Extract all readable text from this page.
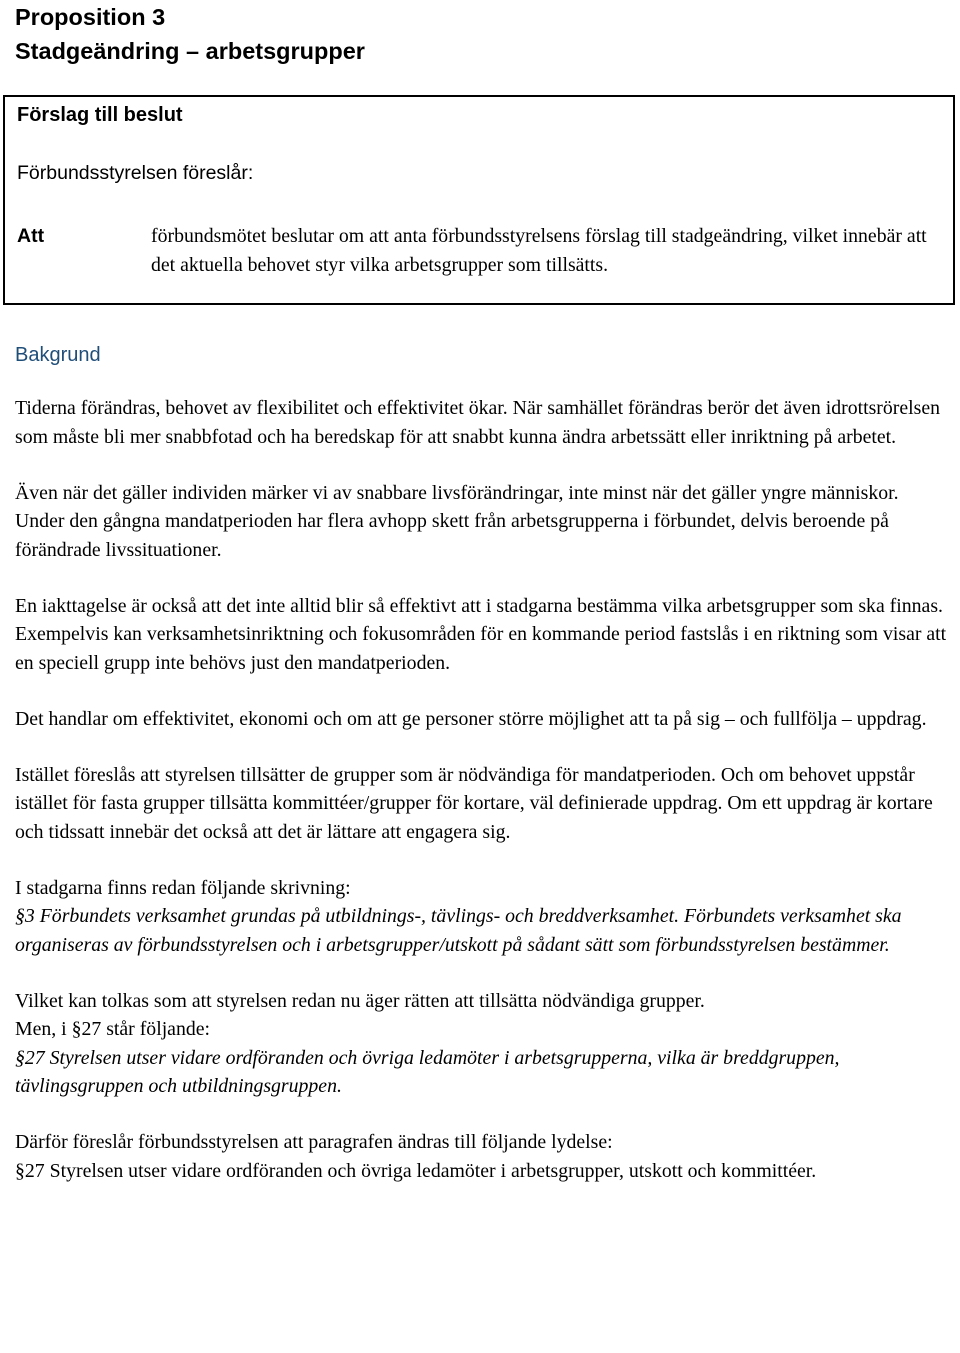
Proposition 3
Stadgeändring – arbetsgrupper
Förslag till beslut
Förbundsstyrelsen föreslår:
Att	förbundsmötet beslutar om att anta förbundsstyrelsens förslag till stadgeändring, vilket innebär att det aktuella behovet styr vilka arbetsgrupper som tillsätts.
Bakgrund

Tiderna förändras, behovet av flexibilitet och effektivitet ökar. När samhället förändras berör det även idrottsrörelsen som måste bli mer snabbfotad och ha beredskap för att snabbt kunna ändra arbetssätt eller inriktning på arbetet.

Även när det gäller individen märker vi av snabbare livsförändringar, inte minst när det gäller yngre människor. Under den gångna mandatperioden har flera avhopp skett från arbetsgrupperna i förbundet, delvis beroende på förändrade livssituationer.

En iakttagelse är också att det inte alltid blir så effektivt att i stadgarna bestämma vilka arbetsgrupper som ska finnas. Exempelvis kan verksamhetsinriktning och fokusområden för en kommande period fastslås i en riktning som visar att en speciell grupp inte behövs just den mandatperioden.

Det handlar om effektivitet, ekonomi och om att ge personer större möjlighet att ta på sig – och fullfölja – uppdrag.

Istället föreslås att styrelsen tillsätter de grupper som är nödvändiga för mandatperioden. Och om behovet uppstår istället för fasta grupper tillsätta kommittéer/grupper för kortare, väl definierade uppdrag. Om ett uppdrag är kortare och tidssatt innebär det också att det är lättare att engagera sig.

I stadgarna finns redan följande skrivning:

§3 Förbundets verksamhet grundas på utbildnings-, tävlings- och breddverksamhet. Förbundets verksamhet ska organiseras av förbundsstyrelsen och i arbetsgrupper/utskott på sådant sätt som förbundsstyrelsen bestämmer.

Vilket kan tolkas som att styrelsen redan nu äger rätten att tillsätta nödvändiga grupper.

Men, i §27 står följande:

§27 Styrelsen utser vidare ordföranden och övriga ledamöter i arbetsgrupperna, vilka är breddgruppen, tävlingsgruppen och utbildningsgruppen.

Därför föreslår förbundsstyrelsen att paragrafen ändras till följande lydelse:

§27 Styrelsen utser vidare ordföranden och övriga ledamöter i arbetsgrupper, utskott och kommittéer.
